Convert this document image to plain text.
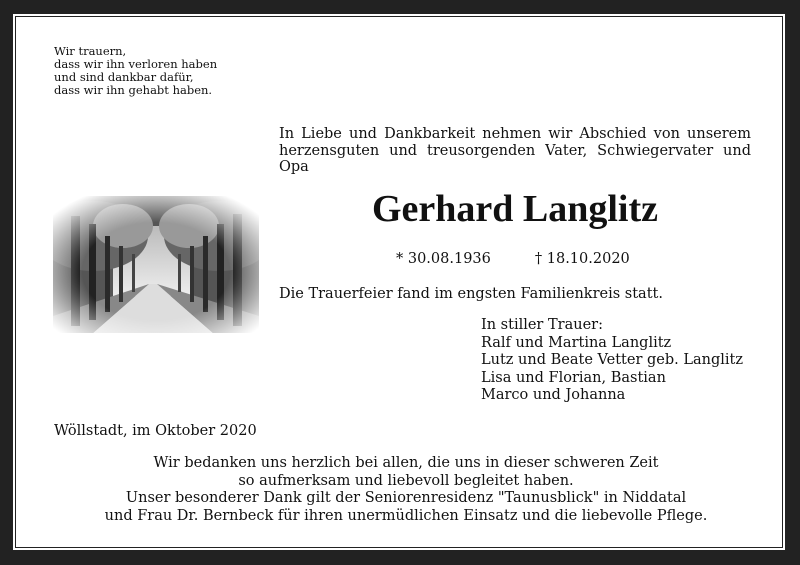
Wir trauern,
dass wir ihn verloren haben
und sind dankbar dafür,
dass wir ihn gehabt haben.
In Liebe und Dankbarkeit nehmen wir Abschied von unserem
herzensguten und treusorgenden Vater, Schwiegervater und
Opa
Gerhard Langlitz
* 30.08.1936	† 18.10.2020
Die Trauerfeier fand im engsten Familienkreis statt.
In stiller Trauer:
Ralf und Martina Langlitz
Lutz und Beate Vetter geb. Langlitz
Lisa und Florian, Bastian
Marco und Johanna
Wöllstadt, im Oktober 2020
Wir bedanken uns herzlich bei allen, die uns in dieser schweren Zeit
so aufmerksam und liebevoll begleitet haben.
Unser besonderer Dank gilt der Seniorenresidenz "Taunusblick" in Niddatal
und Frau Dr. Bernbeck für ihren unermüdlichen Einsatz und die liebevolle Pflege.
